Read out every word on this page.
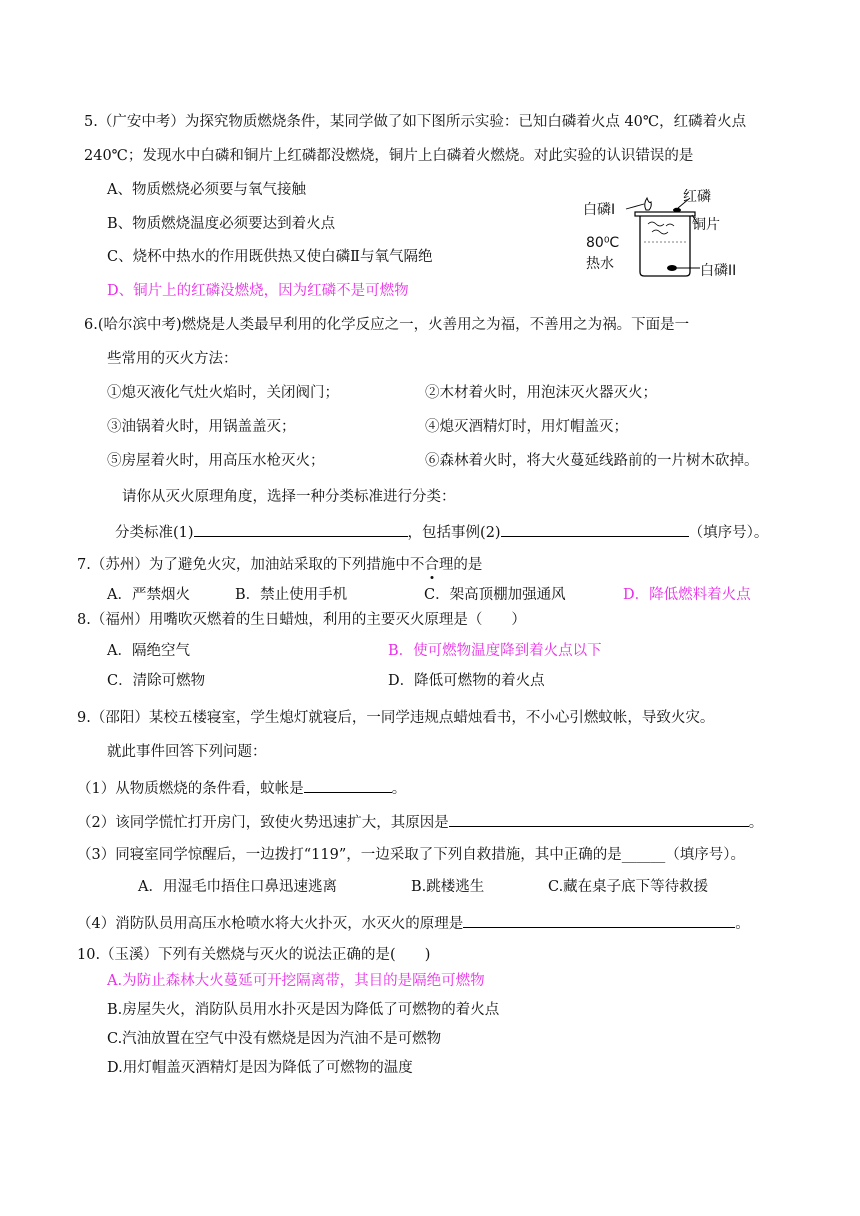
5.（广安中考）为探究物质燃烧条件，某同学做了如下图所示实验：已知白磷着火点 40℃，红磷着火点
240℃；发现水中白磷和铜片上红磷都没燃烧，铜片上白磷着火燃烧。对此实验的认识错误的是
A、物质燃烧必须要与氧气接触
B、物质燃烧温度必须要达到着火点
C、烧杯中热水的作用既供热又使白磷Ⅱ与氧气隔绝
D、铜片上的红磷没燃烧，因为红磷不是可燃物
白磷I
红磷
铜片
80⁰C
热水	白磷II
6.(哈尔滨中考)燃烧是人类最早利用的化学反应之一，火善用之为福，不善用之为祸。下面是一
些常用的灭火方法：
①熄灭液化气灶火焰时，关闭阀门；	②木材着火时，用泡沫灭火器灭火；
③油锅着火时，用锅盖盖灭；	④熄灭酒精灯时，用灯帽盖灭；
⑤房屋着火时，用高压水枪灭火；	⑥森林着火时，将大火蔓延线路前的一片树木砍掉。
请你从灭火原理角度，选择一种分类标准进行分类：
分类标准(1)	，包括事例(2)	（填序号）。
7.（苏州）为了避免火灾，加油站采取的下列措施中不合理的是
A．严禁烟火	B．禁止使用手机	C．架高顶棚加强通风	D．降低燃料着火点
8.（福州）用嘴吹灭燃着的生日蜡烛，利用的主要灭火原理是（　　）
A．隔绝空气	B．使可燃物温度降到着火点以下
C．清除可燃物	D．降低可燃物的着火点
9.（邵阳）某校五楼寝室，学生熄灯就寝后，一同学违规点蜡烛看书，不小心引燃蚊帐，导致火灾。
就此事件回答下列问题：
（1）从物质燃烧的条件看，蚊帐是	。
（2）该同学慌忙打开房门，致使火势迅速扩大，其原因是	。
（3）同寝室同学惊醒后，一边拨打“119”，一边采取了下列自救措施，其中正确的是______（填序号）。
A．用湿毛巾捂住口鼻迅速逃离	B.跳楼逃生	C.藏在桌子底下等待救援
（4）消防队员用高压水枪喷水将大火扑灭，水灭火的原理是	。
10.（玉溪）下列有关燃烧与灭火的说法正确的是(　　)
A.为防止森林大火蔓延可开挖隔离带，其目的是隔绝可燃物
B.房屋失火，消防队员用水扑灭是因为降低了可燃物的着火点
C.汽油放置在空气中没有燃烧是因为汽油不是可燃物
D.用灯帽盖灭酒精灯是因为降低了可燃物的温度
